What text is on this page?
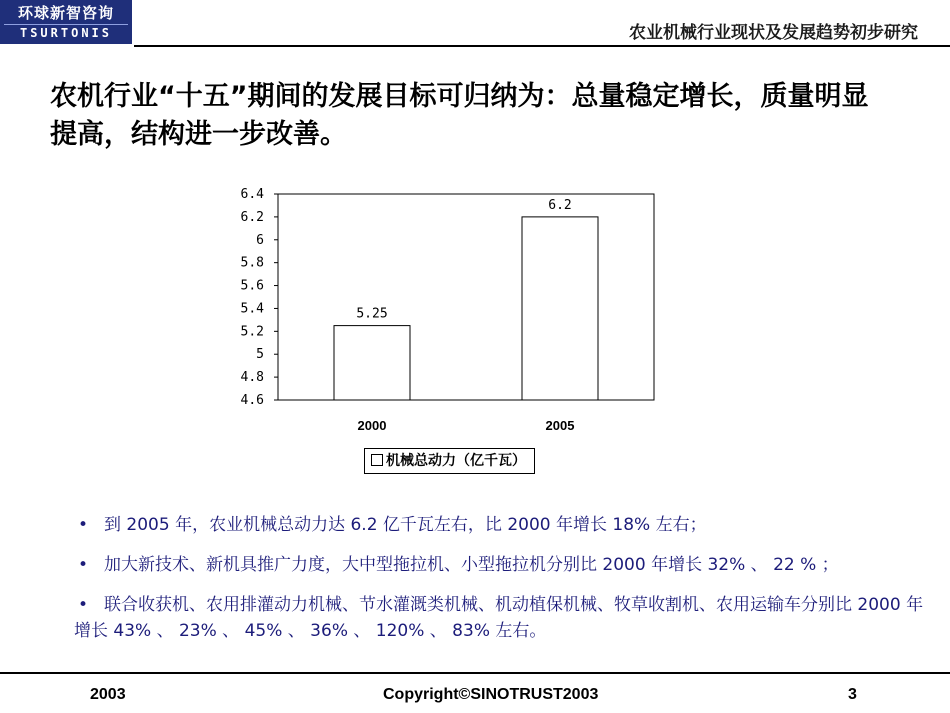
环球新智咨询
TSURTONIS	农业机械行业现状及发展趋势初步研究
农机行业“十五”期间的发展目标可归纳为：总量稳定增长，质量明显提高，结构进一步改善。
6.4
6.2
6
5.8
5.6
5.4
5.2
5
4.8
4.6
5.25
6.2
2000	2005
机械总动力（亿千瓦）
• 到 2005 年，农业机械总动力达 6.2 亿千瓦左右，比 2000 年增长 18% 左右；
• 加大新技术、新机具推广力度，大中型拖拉机、小型拖拉机分别比 2000 年增长 32% 、 22 % ；
• 联合收获机、农用排灌动力机械、节水灌溉类机械、机动植保机械、牧草收割机、农用运输车分别比 2000 年增长 43% 、 23% 、 45% 、 36% 、 120% 、 83% 左右。
2003	Copyright©SINOTRUST2003	3
